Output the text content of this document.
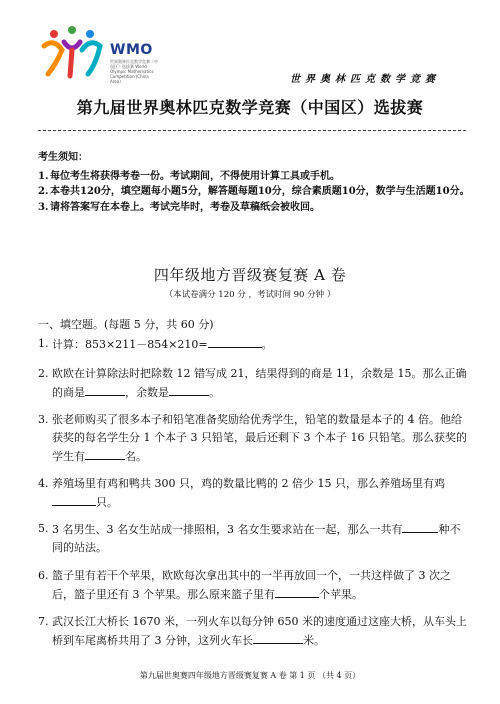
WMO
世界奥林匹克数学竞赛（中国区）选拔赛 World Olympic Mathematics Competition (China Area)	世界奥林匹克数学竞赛
第九届世界奥林匹克数学竞赛（中国区）选拔赛
考生须知：
1. 每位考生将获得考卷一份。考试期间，不得使用计算工具或手机。
2. 本卷共120分，填空题每小题5分，解答题每题10分，综合素质题10分，数学与生活题10分。
3. 请将答案写在本卷上。考试完毕时，考卷及草稿纸会被收回。
四年级地方晋级赛复赛 A 卷
（本试卷满分 120 分 ，考试时间 90 分钟 ）
一、填空题。(每题 5 分，共 60 分)
1. 计算：853×211－854×210=	。
2. 欧欧在计算除法时把除数 12 错写成 21，结果得到的商是 11，余数是 15。那么正确的商是	，余数是	。
3. 张老师购买了很多本子和铅笔准备奖励给优秀学生，铅笔的数量是本子的 4 倍。他给获奖的每名学生分 1 个本子 3 只铅笔，最后还剩下 3 个本子 16 只铅笔。那么获奖的学生有	名。
4. 养殖场里有鸡和鸭共 300 只，鸡的数量比鸭的 2 倍少 15 只，那么养殖场里有鸡只。
5. 3 名男生、3 名女生站成一排照相，3 名女生要求站在一起，那么一共有	种不同的站法。
6. 篮子里有若干个苹果，欧欧每次拿出其中的一半再放回一个，一共这样做了 3 次之后，篮子里还有 3 个苹果。那么原来篮子里有	个苹果。
7. 武汉长江大桥长 1670 米，一列火车以每分钟 650 米的速度通过这座大桥，从车头上桥到车尾离桥共用了 3 分钟，这列火车长	米。
第九届世奥赛四年级地方晋级赛复赛 A 卷 第 1 页 （共 4 页）
